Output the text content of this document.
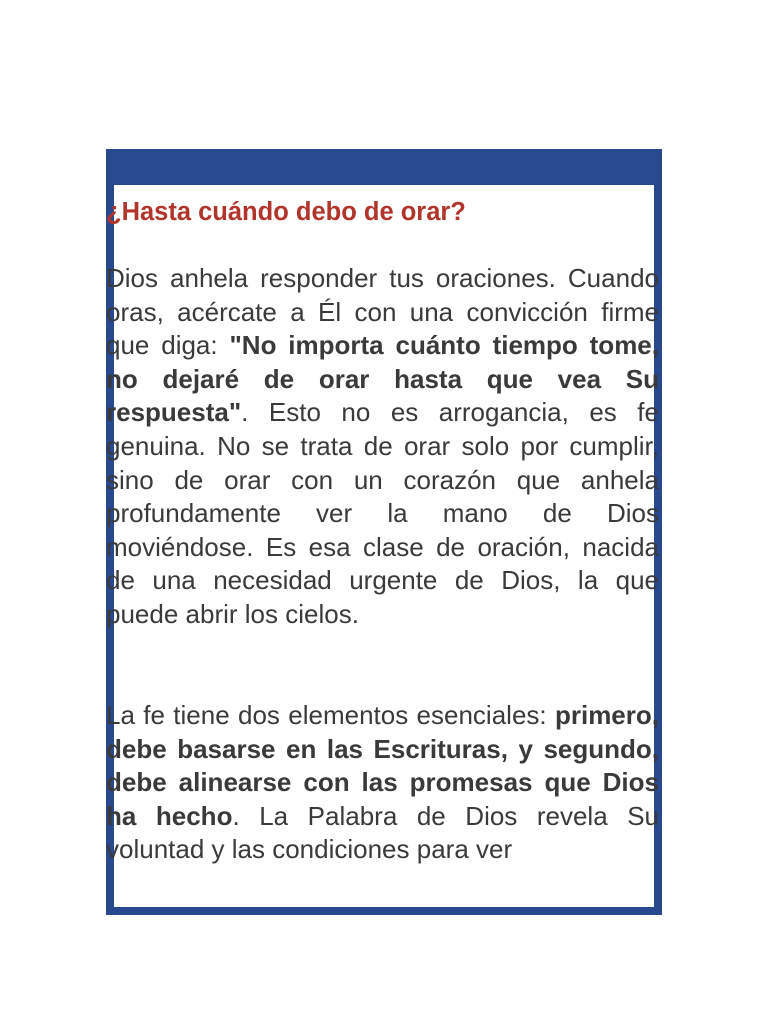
¿Hasta cuándo debo de orar?

Dios anhela responder tus oraciones. Cuando oras, acércate a Él con una convicción firme que diga: "No importa cuánto tiempo tome, no dejaré de orar hasta que vea Su respuesta". Esto no es arrogancia, es fe genuina. No se trata de orar solo por cumplir, sino de orar con un corazón que anhela profundamente ver la mano de Dios moviéndose. Es esa clase de oración, nacida de una necesidad urgente de Dios, la que puede abrir los cielos.

La fe tiene dos elementos esenciales: primero, debe basarse en las Escrituras, y segundo, debe alinearse con las promesas que Dios ha hecho. La Palabra de Dios revela Su voluntad y las condiciones para ver
